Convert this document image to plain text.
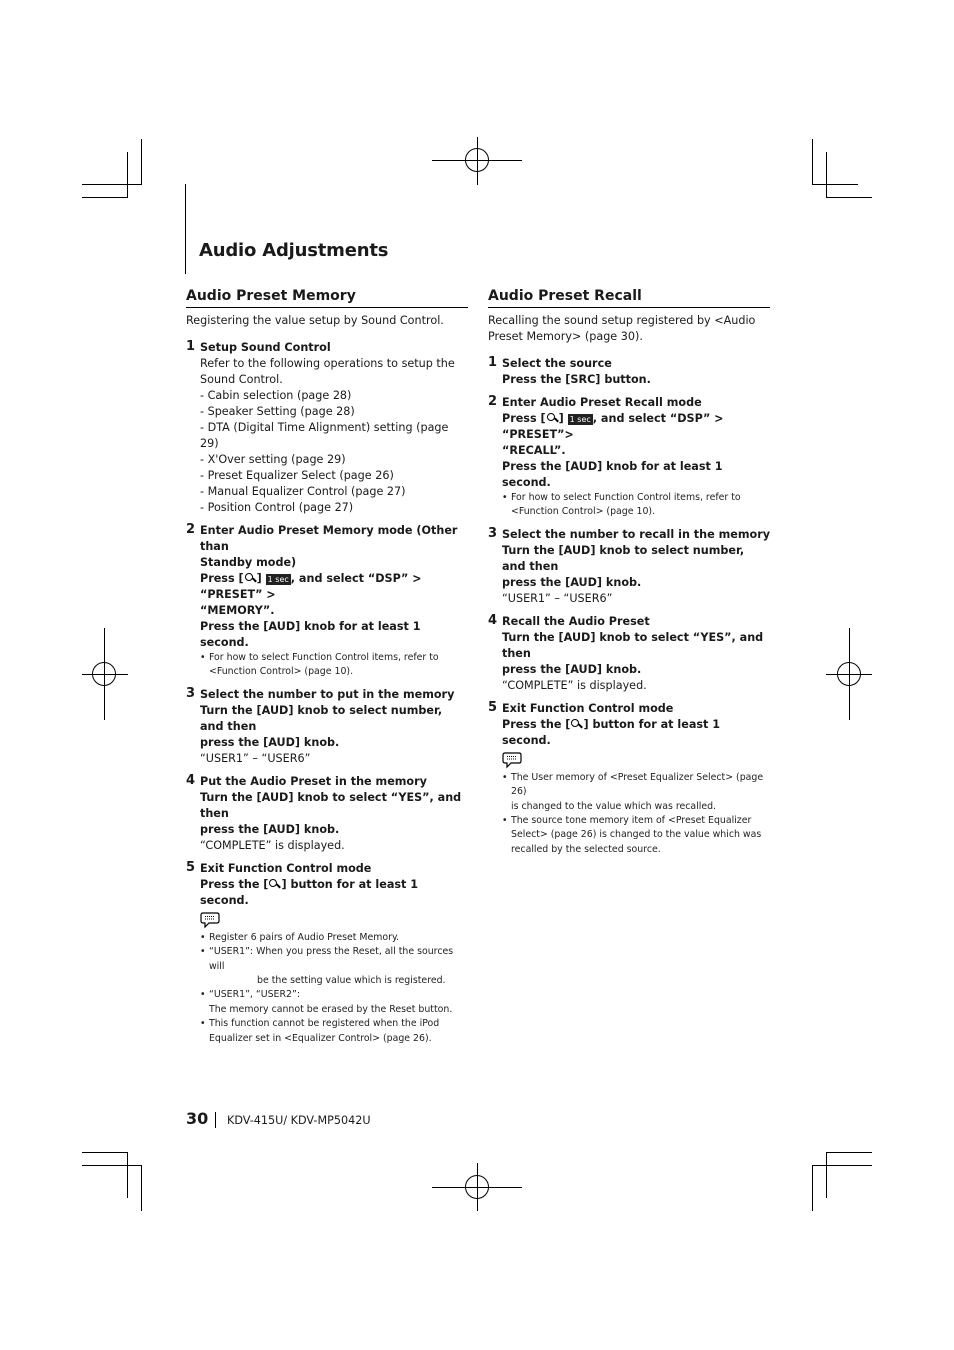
Audio Adjustments
Audio Preset Memory
Registering the value setup by Sound Control.
1 Setup Sound Control
Refer to the following operations to setup the
Sound Control.
- Cabin selection (page 28)
- Speaker Setting (page 28)
- DTA (Digital Time Alignment) setting (page 29)
- X'Over setting (page 29)
- Preset Equalizer Select (page 26)
- Manual Equalizer Control (page 27)
- Position Control (page 27)
2 Enter Audio Preset Memory mode (Other than
Standby mode)
Press [ ] 1 sec , and select “DSP” > “PRESET” >
“MEMORY”.
Press the [AUD] knob for at least 1 second.
• For how to select Function Control items, refer to
<Function Control> (page 10).
3 Select the number to put in the memory
Turn the [AUD] knob to select number, and then
press the [AUD] knob.
“USER1” – “USER6”
4 Put the Audio Preset in the memory
Turn the [AUD] knob to select “YES”, and then
press the [AUD] knob.
“COMPLETE” is displayed.
5 Exit Function Control mode
Press the [ ] button for at least 1 second.
• Register 6 pairs of Audio Preset Memory.
• “USER1”: When you press the Reset, all the sources will
be the setting value which is registered.
• “USER1”, “USER2”:
The memory cannot be erased by the Reset button.
• This function cannot be registered when the iPod
Equalizer set in <Equalizer Control> (page 26).
Audio Preset Recall
Recalling the sound setup registered by <Audio
Preset Memory> (page 30).
1 Select the source
Press the [SRC] button.
2 Enter Audio Preset Recall mode
Press [ ] 1 sec , and select “DSP” > “PRESET”>
“RECALL”.
Press the [AUD] knob for at least 1 second.
• For how to select Function Control items, refer to
<Function Control> (page 10).
3 Select the number to recall in the memory
Turn the [AUD] knob to select number, and then
press the [AUD] knob.
“USER1” – “USER6”
4 Recall the Audio Preset
Turn the [AUD] knob to select “YES”, and then
press the [AUD] knob.
“COMPLETE” is displayed.
5 Exit Function Control mode
Press the [ ] button for at least 1 second.
• The User memory of <Preset Equalizer Select> (page 26)
is changed to the value which was recalled.
• The source tone memory item of <Preset Equalizer
Select> (page 26) is changed to the value which was
recalled by the selected source.
30 KDV-415U/ KDV-MP5042U
